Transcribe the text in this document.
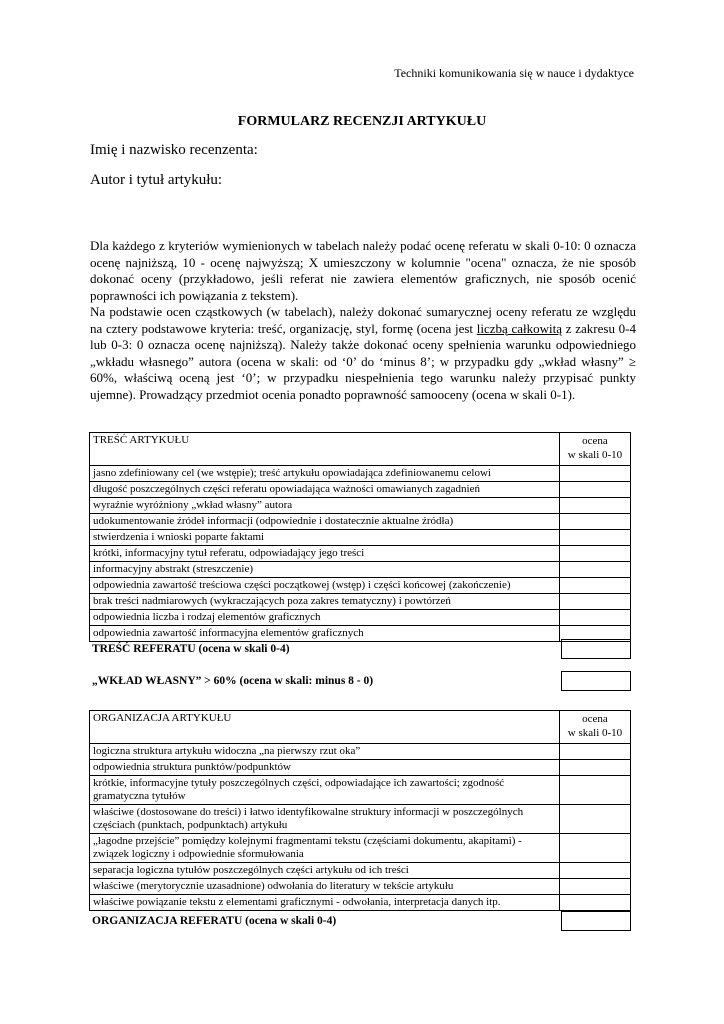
Techniki komunikowania się w nauce i dydaktyce
FORMULARZ RECENZJI ARTYKUŁU
Imię i nazwisko recenzenta:
Autor i tytuł artykułu:

Dla każdego z kryteriów wymienionych w tabelach należy podać ocenę referatu w skali 0-10: 0 oznacza ocenę najniższą, 10 - ocenę najwyższą; X umieszczony w kolumnie "ocena" oznacza, że nie sposób dokonać oceny (przykładowo, jeśli referat nie zawiera elementów graficznych, nie sposób ocenić poprawności ich powiązania z tekstem).

Na podstawie ocen cząstkowych (w tabelach), należy dokonać sumarycznej oceny referatu ze względu na cztery podstawowe kryteria: treść, organizację, styl, formę (ocena jest liczbą całkowitą z zakresu 0-4 lub 0-3: 0 oznacza ocenę najniższą). Należy także dokonać oceny spełnienia warunku odpowiedniego „wkładu własnego” autora (ocena w skali: od ‘0’ do ‘minus 8’; w przypadku gdy „wkład własny” ≥ 60%, właściwą oceną jest ‘0’; w przypadku niespełnienia tego warunku należy przypisać punkty ujemne). Prowadzący przedmiot ocenia ponadto poprawność samooceny (ocena w skali 0-1).

TREŚĆ ARTYKUŁU	ocena
w skali 0-10
jasno zdefiniowany cel (we wstępie); treść artykułu opowiadająca zdefiniowanemu celowi	
długość poszczególnych części referatu opowiadająca ważności omawianych zagadnień	
wyraźnie wyróżniony „wkład własny” autora	
udokumentowanie źródeł informacji (odpowiednie i dostatecznie aktualne źródła)	
stwierdzenia i wnioski poparte faktami	
krótki, informacyjny tytuł referatu, odpowiadający jego treści	
informacyjny abstrakt (streszczenie)	
odpowiednia zawartość treściowa części początkowej (wstęp) i części końcowej (zakończenie)	
brak treści nadmiarowych (wykraczających poza zakres tematyczny) i powtórzeń	
odpowiednia liczba i rodzaj elementów graficznych	
odpowiednia zawartość informacyjna elementów graficznych	
TREŚĆ REFERATU (ocena w skali 0-4)
„WKŁAD WŁASNY” > 60% (ocena w skali: minus 8 - 0)
ORGANIZACJA ARTYKUŁU	ocena
w skali 0-10
logiczna struktura artykułu widoczna „na pierwszy rzut oka”	
odpowiednia struktura punktów/podpunktów	
krótkie, informacyjne tytuły poszczególnych części, odpowiadające ich zawartości; zgodność gramatyczna tytułów	
właściwe (dostosowane do treści) i łatwo identyfikowalne struktury informacji w poszczególnych częściach (punktach, podpunktach) artykułu	
„łagodne przejście” pomiędzy kolejnymi fragmentami tekstu (częściami dokumentu, akapitami) - związek logiczny i odpowiednie sformułowania	
separacja logiczna tytułów poszczególnych części artykułu od ich treści	
właściwe (merytorycznie uzasadnione) odwołania do literatury w tekście artykułu	
właściwe powiązanie tekstu z elementami graficznymi - odwołania, interpretacja danych itp.	
ORGANIZACJA REFERATU (ocena w skali 0-4)
